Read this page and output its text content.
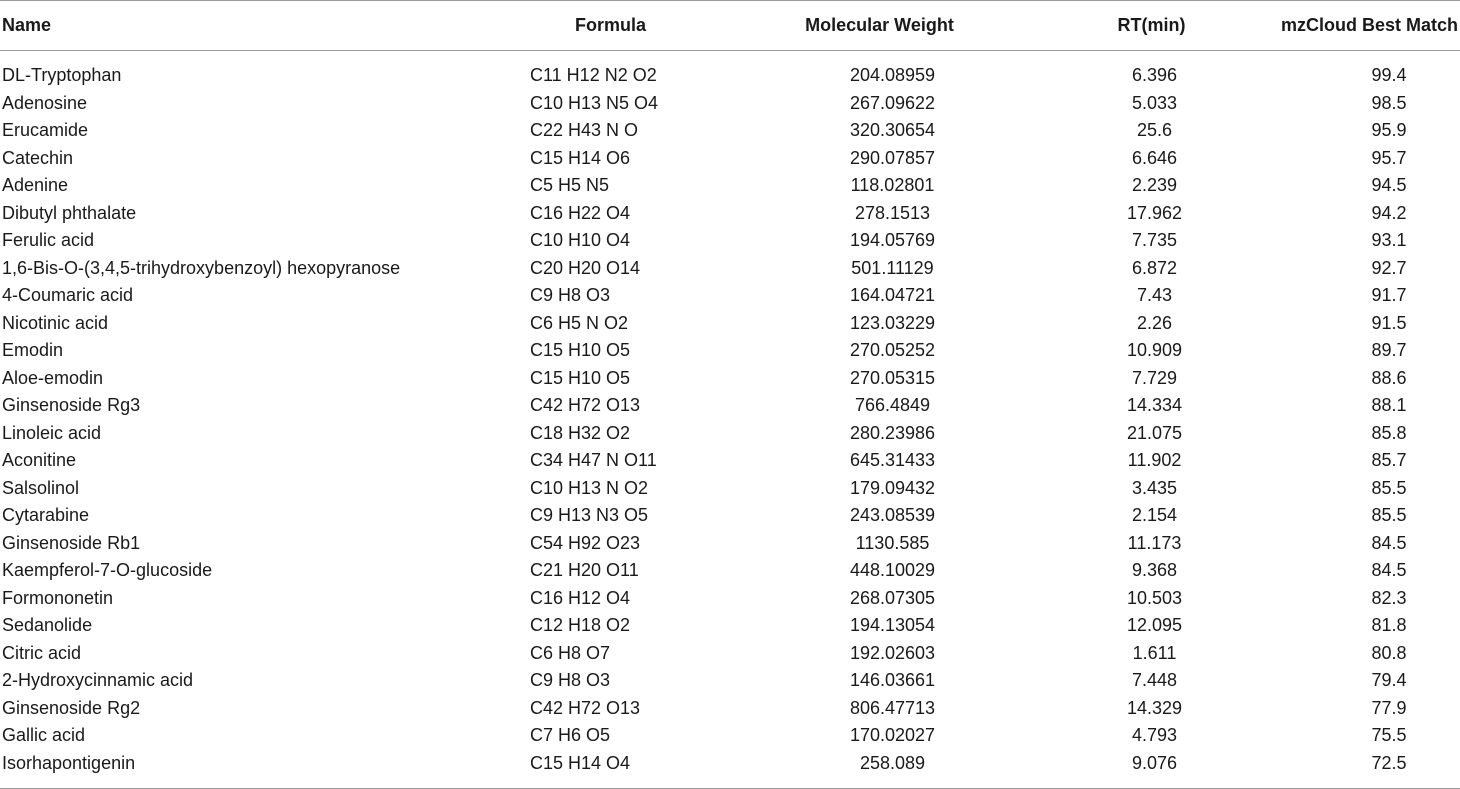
Name	Formula	Molecular Weight	RT(min)	mzCloud Best Match
DL-Tryptophan	C11 H12 N2 O2	204.08959	6.396	99.4
Adenosine	C10 H13 N5 O4	267.09622	5.033	98.5
Erucamide	C22 H43 N O	320.30654	25.6	95.9
Catechin	C15 H14 O6	290.07857	6.646	95.7
Adenine	C5 H5 N5	118.02801	2.239	94.5
Dibutyl phthalate	C16 H22 O4	278.1513	17.962	94.2
Ferulic acid	C10 H10 O4	194.05769	7.735	93.1
1,6-Bis-O-(3,4,5-trihydroxybenzoyl) hexopyranose	C20 H20 O14	501.11129	6.872	92.7
4-Coumaric acid	C9 H8 O3	164.04721	7.43	91.7
Nicotinic acid	C6 H5 N O2	123.03229	2.26	91.5
Emodin	C15 H10 O5	270.05252	10.909	89.7
Aloe-emodin	C15 H10 O5	270.05315	7.729	88.6
Ginsenoside Rg3	C42 H72 O13	766.4849	14.334	88.1
Linoleic acid	C18 H32 O2	280.23986	21.075	85.8
Aconitine	C34 H47 N O11	645.31433	11.902	85.7
Salsolinol	C10 H13 N O2	179.09432	3.435	85.5
Cytarabine	C9 H13 N3 O5	243.08539	2.154	85.5
Ginsenoside Rb1	C54 H92 O23	1130.585	11.173	84.5
Kaempferol-7-O-glucoside	C21 H20 O11	448.10029	9.368	84.5
Formononetin	C16 H12 O4	268.07305	10.503	82.3
Sedanolide	C12 H18 O2	194.13054	12.095	81.8
Citric acid	C6 H8 O7	192.02603	1.611	80.8
2-Hydroxycinnamic acid	C9 H8 O3	146.03661	7.448	79.4
Ginsenoside Rg2	C42 H72 O13	806.47713	14.329	77.9
Gallic acid	C7 H6 O5	170.02027	4.793	75.5
Isorhapontigenin	C15 H14 O4	258.089	9.076	72.5
